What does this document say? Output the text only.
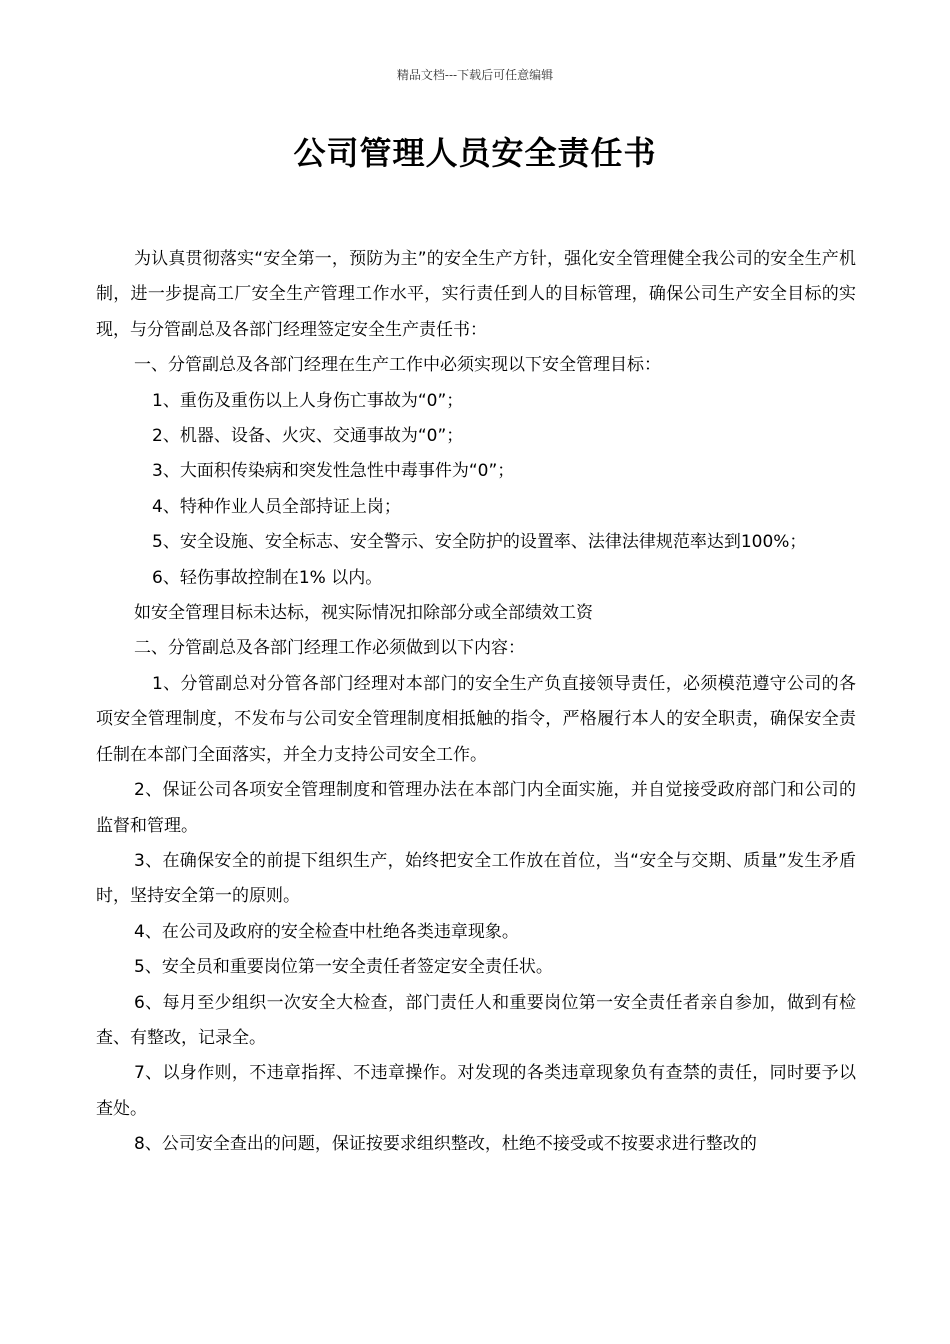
精品文档---下载后可任意编辑
公司管理人员安全责任书

为认真贯彻落实“安全第一，预防为主”的安全生产方针，强化安全管理健全我公司的安全生产机制，进一步提高工厂安全生产管理工作水平，实行责任到人的目标管理，确保公司生产安全目标的实现，与分管副总及各部门经理签定安全生产责任书：

一、分管副总及各部门经理在生产工作中必须实现以下安全管理目标：

1、重伤及重伤以上人身伤亡事故为“0”；

2、机器、设备、火灾、交通事故为“0”；

3、大面积传染病和突发性急性中毒事件为“0”；

4、特种作业人员全部持证上岗；

5、安全设施、安全标志、安全警示、安全防护的设置率、法律法律规范率达到100%；

6、轻伤事故控制在1% 以内。

如安全管理目标未达标，视实际情况扣除部分或全部绩效工资

二、分管副总及各部门经理工作必须做到以下内容：

1、分管副总对分管各部门经理对本部门的安全生产负直接领导责任，必须模范遵守公司的各项安全管理制度，不发布与公司安全管理制度相抵触的指令，严格履行本人的安全职责，确保安全责任制在本部门全面落实，并全力支持公司安全工作。

2、保证公司各项安全管理制度和管理办法在本部门内全面实施，并自觉接受政府部门和公司的监督和管理。

3、在确保安全的前提下组织生产，始终把安全工作放在首位，当“安全与交期、质量”发生矛盾时，坚持安全第一的原则。

4、在公司及政府的安全检查中杜绝各类违章现象。

5、安全员和重要岗位第一安全责任者签定安全责任状。

6、每月至少组织一次安全大检查，部门责任人和重要岗位第一安全责任者亲自参加，做到有检查、有整改，记录全。

7、以身作则，不违章指挥、不违章操作。对发现的各类违章现象负有查禁的责任，同时要予以查处。

8、公司安全查出的问题，保证按要求组织整改，杜绝不接受或不按要求进行整改的
